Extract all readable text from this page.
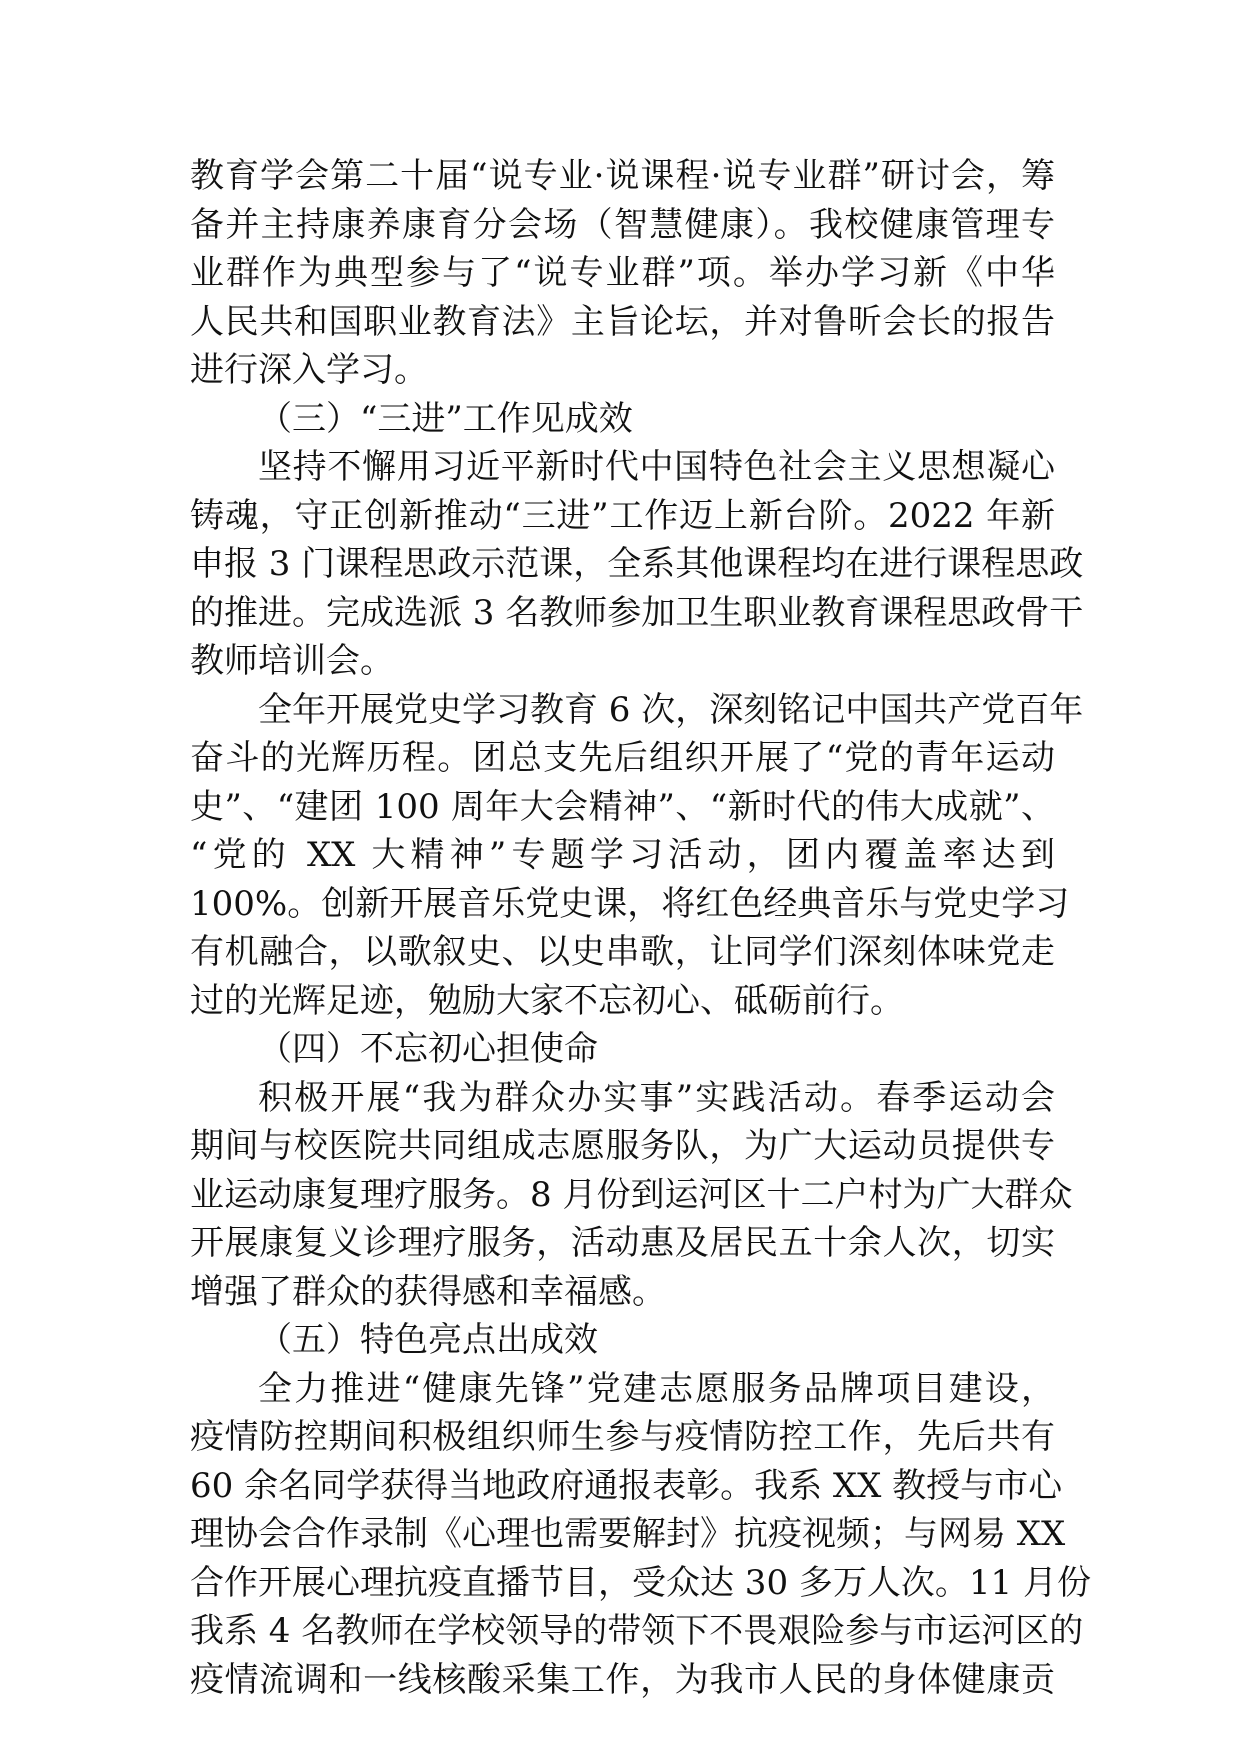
教育学会第二十届“说专业·说课程·说专业群”研讨会，筹
备并主持康养康育分会场（智慧健康）。我校健康管理专
业群作为典型参与了“说专业群”项。举办学习新《中华
人民共和国职业教育法》主旨论坛，并对鲁昕会长的报告
进行深入学习。
（三）“三进”工作见成效
坚持不懈用习近平新时代中国特色社会主义思想凝心
铸魂，守正创新推动“三进”工作迈上新台阶。2022 年新
申报 3 门课程思政示范课，全系其他课程均在进行课程思政
的推进。完成选派 3 名教师参加卫生职业教育课程思政骨干
教师培训会。
全年开展党史学习教育 6 次，深刻铭记中国共产党百年
奋斗的光辉历程。团总支先后组织开展了“党的青年运动
史”、“建团 100 周年大会精神”、“新时代的伟大成就”、
“党的 XX 大精神”专题学习活动，团内覆盖率达到
100%。创新开展音乐党史课，将红色经典音乐与党史学习
有机融合，以歌叙史、以史串歌，让同学们深刻体味党走
过的光辉足迹，勉励大家不忘初心、砥砺前行。
（四）不忘初心担使命
积极开展“我为群众办实事”实践活动。春季运动会
期间与校医院共同组成志愿服务队，为广大运动员提供专
业运动康复理疗服务。8 月份到运河区十二户村为广大群众
开展康复义诊理疗服务，活动惠及居民五十余人次，切实
增强了群众的获得感和幸福感。
（五）特色亮点出成效
全力推进“健康先锋”党建志愿服务品牌项目建设，
疫情防控期间积极组织师生参与疫情防控工作，先后共有
60 余名同学获得当地政府通报表彰。我系 XX 教授与市心
理协会合作录制《心理也需要解封》抗疫视频；与网易 XX
合作开展心理抗疫直播节目，受众达 30 多万人次。11 月份
我系 4 名教师在学校领导的带领下不畏艰险参与市运河区的
疫情流调和一线核酸采集工作，为我市人民的身体健康贡
